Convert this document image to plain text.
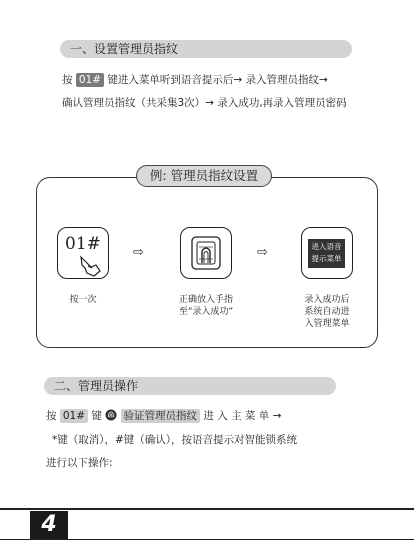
一、设置管理员指纹
按 01# 键进入菜单听到语音提示后→ 录入管理员指纹→
确认管理员指纹（共采集3次）→ 录入成功,再录入管理员密码
例: 管理员指纹设置
01#
按一次
⇨
正确放入手指
至“录入成功”
⇨	进入语音
提示菜单
录入成功后
系统自动进
入管理菜单
二、管理员操作
按 01# 键 验证管理员指纹 进 入 主 菜 单 →
*键（取消），#键（确认），按语音提示对智能锁系统
进行以下操作:
4
